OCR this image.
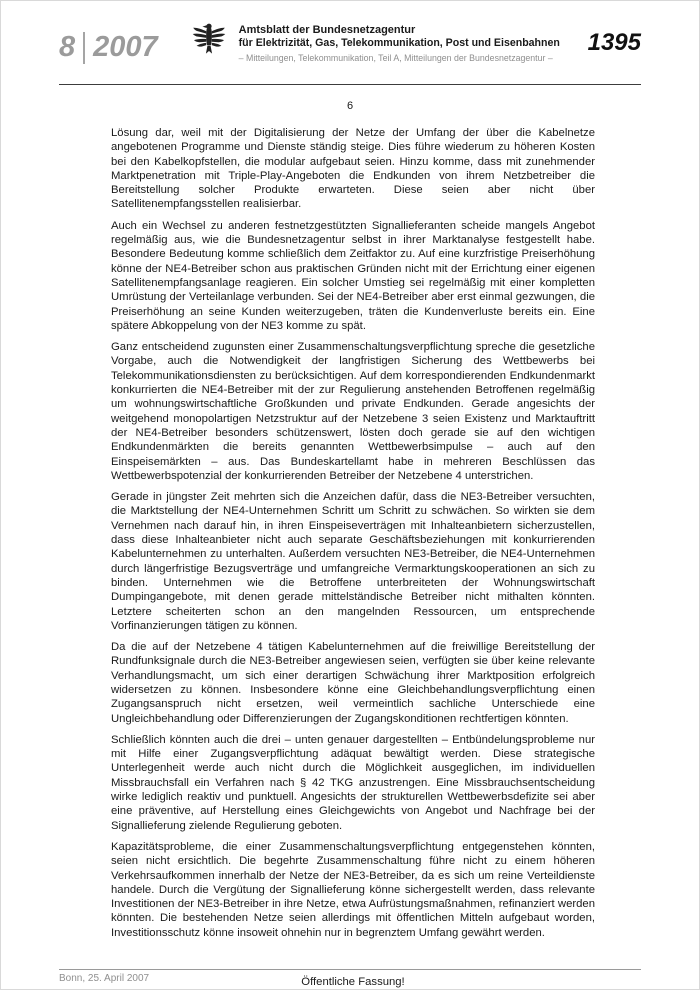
8 2007
Amtsblatt der Bundesnetzagentur
für Elektrizität, Gas, Telekommunikation, Post und Eisenbahnen
– Mitteilungen, Telekommunikation, Teil A, Mitteilungen der Bundesnetzagentur –
1395
6

Lösung dar, weil mit der Digitalisierung der Netze der Umfang der über die Kabelnetze angebotenen Programme und Dienste ständig steige. Dies führe wiederum zu höheren Kosten bei den Kabelkopfstellen, die modular aufgebaut seien. Hinzu komme, dass mit zunehmender Marktpenetration mit Triple-Play-Angeboten die Endkunden von ihrem Netzbetreiber die Bereitstellung solcher Produkte erwarteten. Diese seien aber nicht über Satellitenempfangsstellen realisierbar.

Auch ein Wechsel zu anderen festnetzgestützten Signallieferanten scheide mangels Angebot regelmäßig aus, wie die Bundesnetzagentur selbst in ihrer Marktanalyse festgestellt habe. Besondere Bedeutung komme schließlich dem Zeitfaktor zu. Auf eine kurzfristige Preiserhöhung könne der NE4-Betreiber schon aus praktischen Gründen nicht mit der Errichtung einer eigenen Satellitenempfangsanlage reagieren. Ein solcher Umstieg sei regelmäßig mit einer kompletten Umrüstung der Verteilanlage verbunden. Sei der NE4-Betreiber aber erst einmal gezwungen, die Preiserhöhung an seine Kunden weiterzugeben, träten die Kundenverluste bereits ein. Eine spätere Abkoppelung von der NE3 komme zu spät.

Ganz entscheidend zugunsten einer Zusammenschaltungsverpflichtung spreche die gesetzliche Vorgabe, auch die Notwendigkeit der langfristigen Sicherung des Wettbewerbs bei Telekommunikationsdiensten zu berücksichtigen. Auf dem korrespondierenden Endkundenmarkt konkurrierten die NE4-Betreiber mit der zur Regulierung anstehenden Betroffenen regelmäßig um wohnungswirtschaftliche Großkunden und private Endkunden. Gerade angesichts der weitgehend monopolartigen Netzstruktur auf der Netzebene 3 seien Existenz und Marktauftritt der NE4-Betreiber besonders schützenswert, lösten doch gerade sie auf den wichtigen Endkundenmärkten die bereits genannten Wettbewerbsimpulse – auch auf den Einspeisemärkten – aus. Das Bundeskartellamt habe in mehreren Beschlüssen das Wettbewerbspotenzial der konkurrierenden Betreiber der Netzebene 4 unterstrichen.

Gerade in jüngster Zeit mehrten sich die Anzeichen dafür, dass die NE3-Betreiber versuchten, die Marktstellung der NE4-Unternehmen Schritt um Schritt zu schwächen. So wirkten sie dem Vernehmen nach darauf hin, in ihren Einspeiseverträgen mit Inhalteanbietern sicherzustellen, dass diese Inhalteanbieter nicht auch separate Geschäftsbeziehungen mit konkurrierenden Kabelunternehmen zu unterhalten. Außerdem versuchten NE3-Betreiber, die NE4-Unternehmen durch längerfristige Bezugsverträge und umfangreiche Vermarktungskooperationen an sich zu binden. Unternehmen wie die Betroffene unterbreiteten der Wohnungswirtschaft Dumpingangebote, mit denen gerade mittelständische Betreiber nicht mithalten könnten. Letztere scheiterten schon an den mangelnden Ressourcen, um entsprechende Vorfinanzierungen tätigen zu können.

Da die auf der Netzebene 4 tätigen Kabelunternehmen auf die freiwillige Bereitstellung der Rundfunksignale durch die NE3-Betreiber angewiesen seien, verfügten sie über keine relevante Verhandlungsmacht, um sich einer derartigen Schwächung ihrer Marktposition erfolgreich widersetzen zu können. Insbesondere könne eine Gleichbehandlungsverpflichtung einen Zugangsanspruch nicht ersetzen, weil vermeintlich sachliche Unterschiede eine Ungleichbehandlung oder Differenzierungen der Zugangskonditionen rechtfertigen könnten.

Schließlich könnten auch die drei – unten genauer dargestellten – Entbündelungsprobleme nur mit Hilfe einer Zugangsverpflichtung adäquat bewältigt werden. Diese strategische Unterlegenheit werde auch nicht durch die Möglichkeit ausgeglichen, im individuellen Missbrauchsfall ein Verfahren nach § 42 TKG anzustrengen. Eine Missbrauchsentscheidung wirke lediglich reaktiv und punktuell. Angesichts der strukturellen Wettbewerbsdefizite sei aber eine präventive, auf Herstellung eines Gleichgewichts von Angebot und Nachfrage bei der Signallieferung zielende Regulierung geboten.

Kapazitätsprobleme, die einer Zusammenschaltungsverpflichtung entgegenstehen könnten, seien nicht ersichtlich. Die begehrte Zusammenschaltung führe nicht zu einem höheren Verkehrsaufkommen innerhalb der Netze der NE3-Betreiber, da es sich um reine Verteildienste handele. Durch die Vergütung der Signallieferung könne sichergestellt werden, dass relevante Investitionen der NE3-Betreiber in ihre Netze, etwa Aufrüstungsmaßnahmen, refinanziert werden könnten. Die bestehenden Netze seien allerdings mit öffentlichen Mitteln aufgebaut worden, Investitionsschutz könne insoweit ohnehin nur in begrenztem Umfang gewährt werden.

Öffentliche Fassung!
Bonn, 25. April 2007
